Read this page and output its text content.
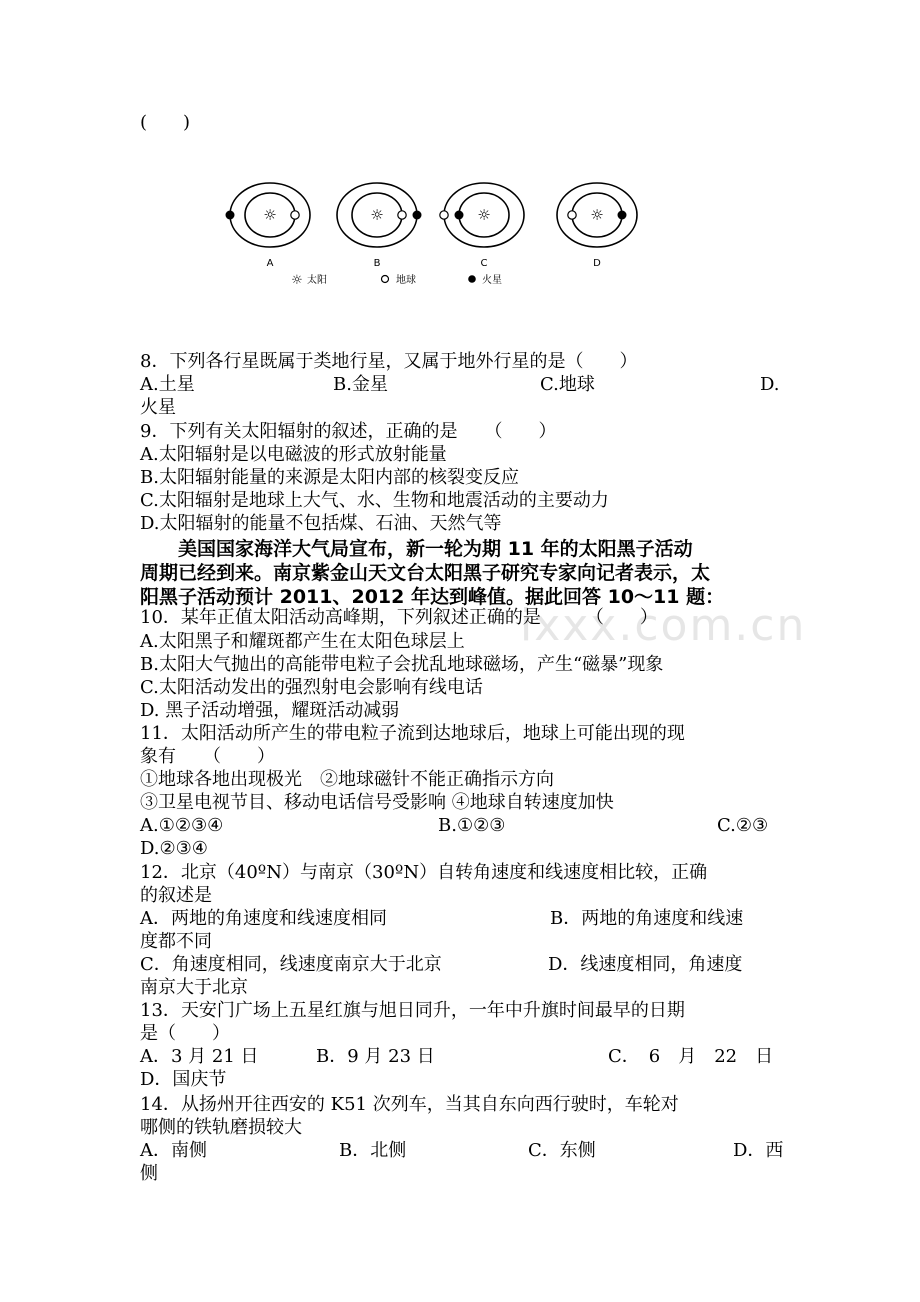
(　　)
☼	☼	☼	☼
A	B	C	D
☼ 太阳	地球	火星
ixxx.com.cn
8．下列各行星既属于类地行星，又属于地外行星的是（　　）
A.土星	B.金星	C.地球	D.
火星
9．下列有关太阳辐射的叙述，正确的是　　（　　）
A.太阳辐射是以电磁波的形式放射能量
B.太阳辐射能量的来源是太阳内部的核裂变反应
C.太阳辐射是地球上大气、水、生物和地震活动的主要动力
D.太阳辐射的能量不包括煤、石油、天然气等
　　美国国家海洋大气局宣布，新一轮为期 11 年的太阳黑子活动
周期已经到来。南京紫金山天文台太阳黑子研究专家向记者表示，太
阳黑子活动预计 2011、2012 年达到峰值。据此回答 10～11 题：
10．某年正值太阳活动高峰期，下列叙述正确的是　　　（　　）
A.太阳黑子和耀斑都产生在太阳色球层上
B.太阳大气抛出的高能带电粒子会扰乱地球磁场，产生“磁暴”现象
C.太阳活动发出的强烈射电会影响有线电话
D. 黑子活动增强，耀斑活动减弱
11．太阳活动所产生的带电粒子流到达地球后，地球上可能出现的现
象有　　（　　）
①地球各地出现极光　②地球磁针不能正确指示方向
③卫星电视节目、移动电话信号受影响 ④地球自转速度加快
A.①②③④	B.①②③	C.②③
D.②③④
12．北京（40ºN）与南京（30ºN）自转角速度和线速度相比较，正确
的叙述是
A．两地的角速度和线速度相同	B．两地的角速度和线速
度都不同
C．角速度相同，线速度南京大于北京	D．线速度相同，角速度
南京大于北京
13．天安门广场上五星红旗与旭日同升，一年中升旗时间最早的日期
是（　　）
A．3 月 21 日	B．9 月 23 日	C．　6　月　22　日
D．国庆节
14．从扬州开往西安的 K51 次列车，当其自东向西行驶时，车轮对
哪侧的铁轨磨损较大
A．南侧	B．北侧	C．东侧	D．西
侧
